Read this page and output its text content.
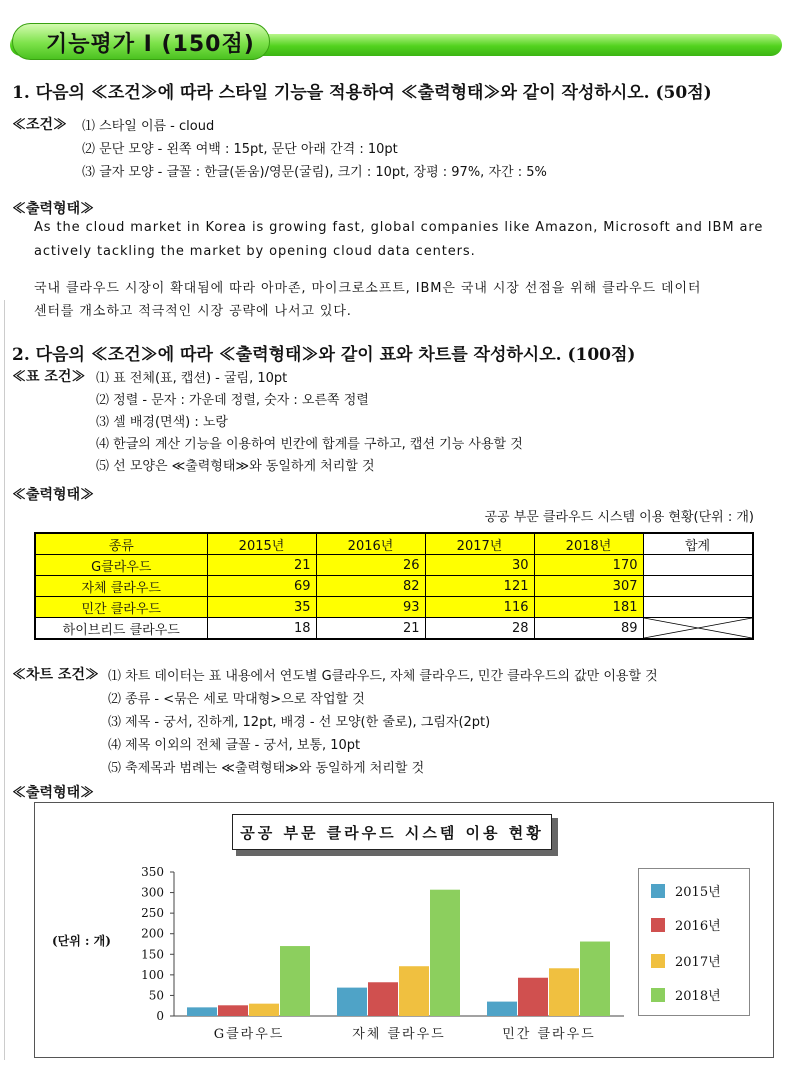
기능평가 Ⅰ (150점)
1. 다음의 ≪조건≫에 따라 스타일 기능을 적용하여 ≪출력형태≫와 같이 작성하시오. (50점)
≪조건≫ ⑴ 스타일 이름 - cloud
⑵ 문단 모양 - 왼쪽 여백 : 15pt, 문단 아래 간격 : 10pt
⑶ 글자 모양 - 글꼴 : 한글(돋움)/영문(굴림), 크기 : 10pt, 장평 : 97%, 자간 : 5%
≪출력형태≫
As the cloud market in Korea is growing fast, global companies like Amazon, Microsoft and IBM are
actively tackling the market by opening cloud data centers.
국내 클라우드 시장이 확대됨에 따라 아마존, 마이크로소프트, IBM은 국내 시장 선점을 위해 클라우드 데이터
센터를 개소하고 적극적인 시장 공략에 나서고 있다.
2. 다음의 ≪조건≫에 따라 ≪출력형태≫와 같이 표와 차트를 작성하시오. (100점)
≪표 조건≫ ⑴ 표 전체(표, 캡션) - 굴림, 10pt
⑵ 정렬 - 문자 : 가운데 정렬, 숫자 : 오른쪽 정렬
⑶ 셀 배경(면색) : 노랑
⑷ 한글의 계산 기능을 이용하여 빈칸에 합계를 구하고, 캡션 기능 사용할 것
⑸ 선 모양은 ≪출력형태≫와 동일하게 처리할 것
≪출력형태≫
공공 부문 클라우드 시스템 이용 현황(단위 : 개)
종류	2015년	2016년	2017년	2018년	합계
G클라우드	21	26	30	170	
자체 클라우드	69	82	121	307	
민간 클라우드	35	93	116	181	
하이브리드 클라우드	18	21	28	89	
≪차트 조건≫ ⑴ 차트 데이터는 표 내용에서 연도별 G클라우드, 자체 클라우드, 민간 클라우드의 값만 이용할 것
⑵ 종류 - <묶은 세로 막대형>으로 작업할 것
⑶ 제목 - 궁서, 진하게, 12pt, 배경 - 선 모양(한 줄로), 그림자(2pt)
⑷ 제목 이외의 전체 글꼴 - 궁서, 보통, 10pt
⑸ 축제목과 범례는 ≪출력형태≫와 동일하게 처리할 것
≪출력형태≫
공공 부문 클라우드 시스템 이용 현황
(단위 : 개)
0
50
100
150
200
250
300
350
G클라우드	자체 클라우드	민간 클라우드
2015년
2016년
2017년
2018년
